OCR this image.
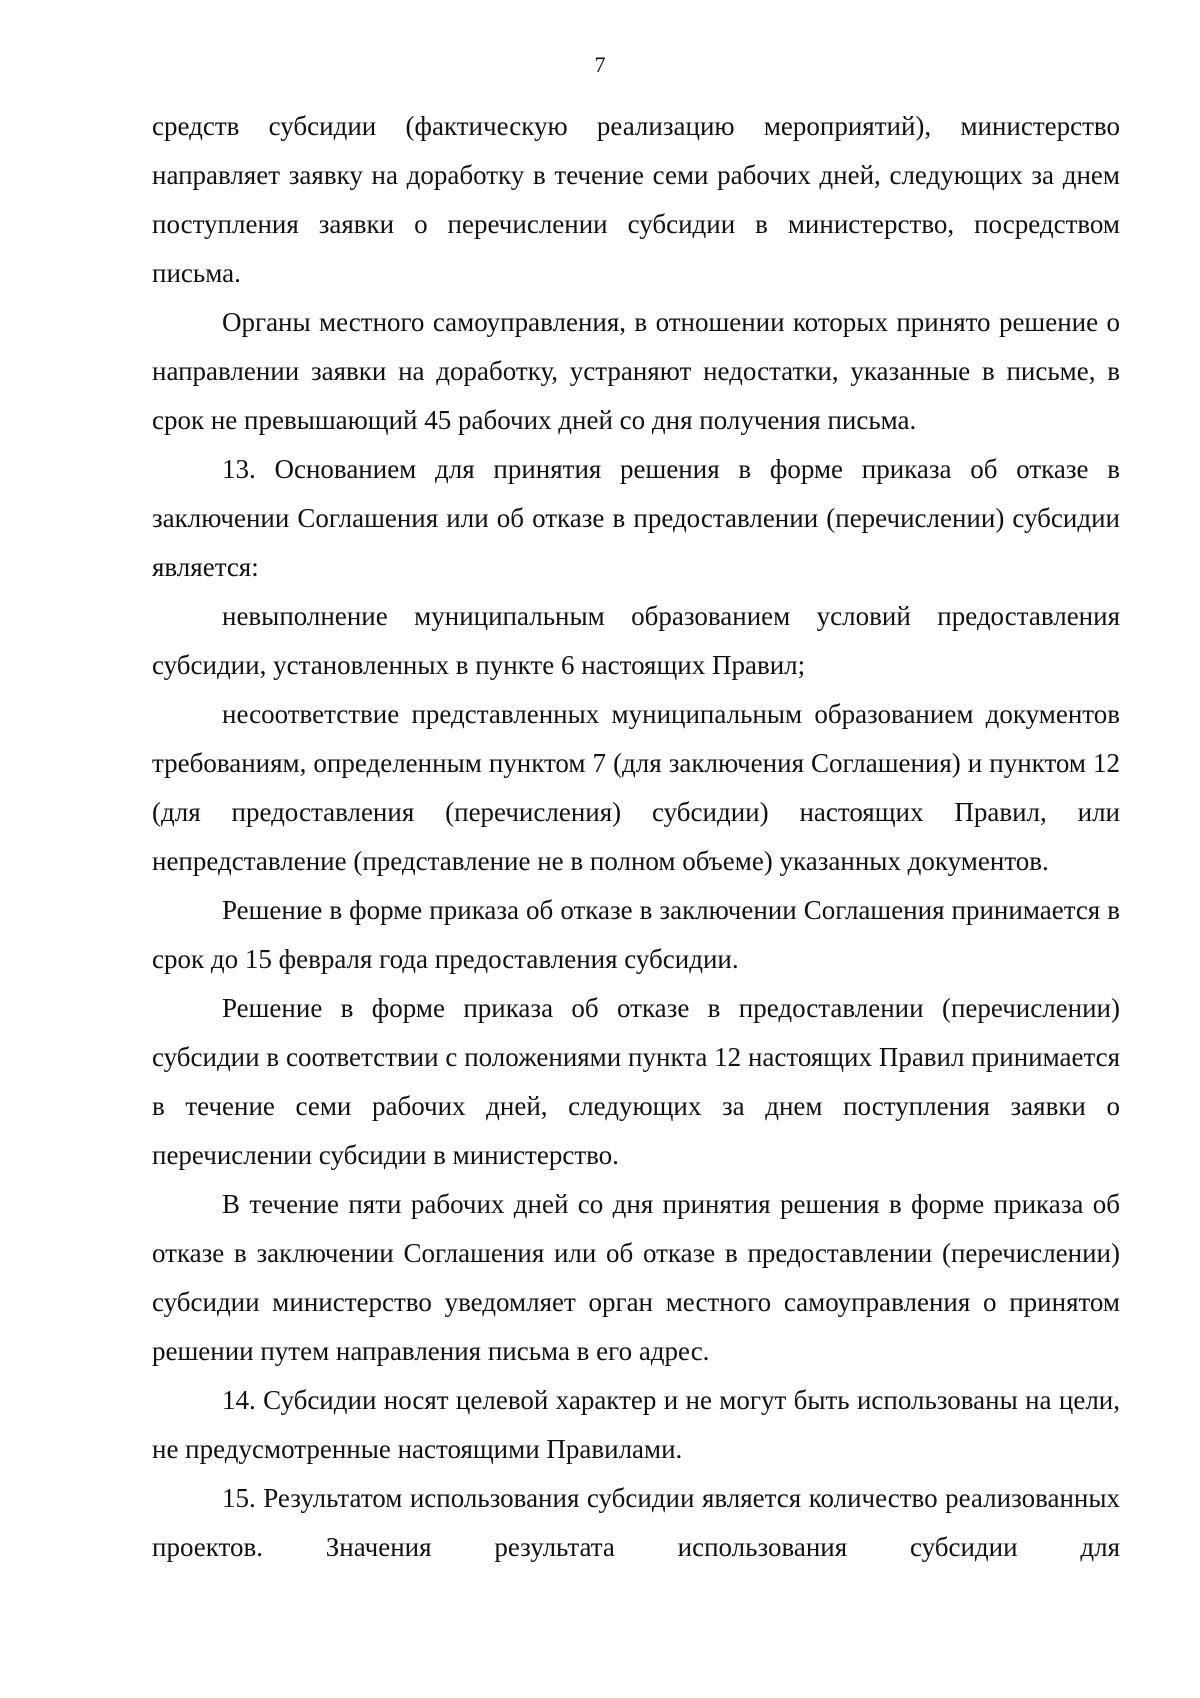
7

средств субсидии (фактическую реализацию мероприятий), министерство направляет заявку на доработку в течение семи рабочих дней, следующих за днем поступления заявки о перечислении субсидии в министерство, посредством письма.

Органы местного самоуправления, в отношении которых принято решение о направлении заявки на доработку, устраняют недостатки, указанные в письме, в срок не превышающий 45 рабочих дней со дня получения письма.

13. Основанием для принятия решения в форме приказа об отказе в заключении Соглашения или об отказе в предоставлении (перечислении) субсидии является:

невыполнение муниципальным образованием условий предоставления субсидии, установленных в пункте 6 настоящих Правил;

несоответствие представленных муниципальным образованием документов требованиям, определенным пунктом 7 (для заключения Соглашения) и пунктом 12 (для предоставления (перечисления) субсидии) настоящих Правил, или непредставление (представление не в полном объеме) указанных документов.

Решение в форме приказа об отказе в заключении Соглашения принимается в срок до 15 февраля года предоставления субсидии.

Решение в форме приказа об отказе в предоставлении (перечислении) субсидии в соответствии с положениями пункта 12 настоящих Правил принимается в течение семи рабочих дней, следующих за днем поступления заявки о перечислении субсидии в министерство.

В течение пяти рабочих дней со дня принятия решения в форме приказа об отказе в заключении Соглашения или об отказе в предоставлении (перечислении) субсидии министерство уведомляет орган местного самоуправления о принятом решении путем направления письма в его адрес.

14. Субсидии носят целевой характер и не могут быть использованы на цели, не предусмотренные настоящими Правилами.

15. Результатом использования субсидии является количество реализованных проектов. Значения результата использования субсидии для
